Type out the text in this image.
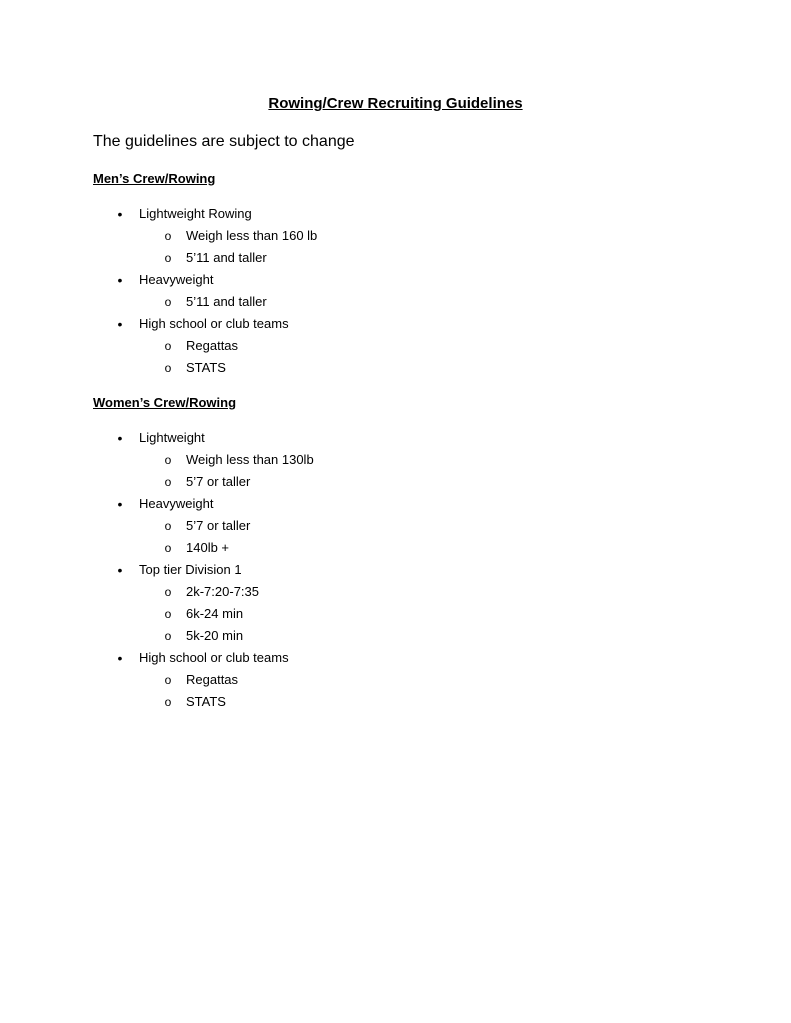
Rowing/Crew Recruiting Guidelines
The guidelines are subject to change
Men’s Crew/Rowing
• Lightweight Rowing
o Weigh less than 160 lb
o 5’11 and taller
• Heavyweight
o 5’11 and taller
• High school or club teams
o Regattas
o STATS
Women’s Crew/Rowing
• Lightweight
o Weigh less than 130lb
o 5’7 or taller
• Heavyweight
o 5’7 or taller
o 140lb +
• Top tier Division 1
o 2k-7:20-7:35
o 6k-24 min
o 5k-20 min
• High school or club teams
o Regattas
o STATS
